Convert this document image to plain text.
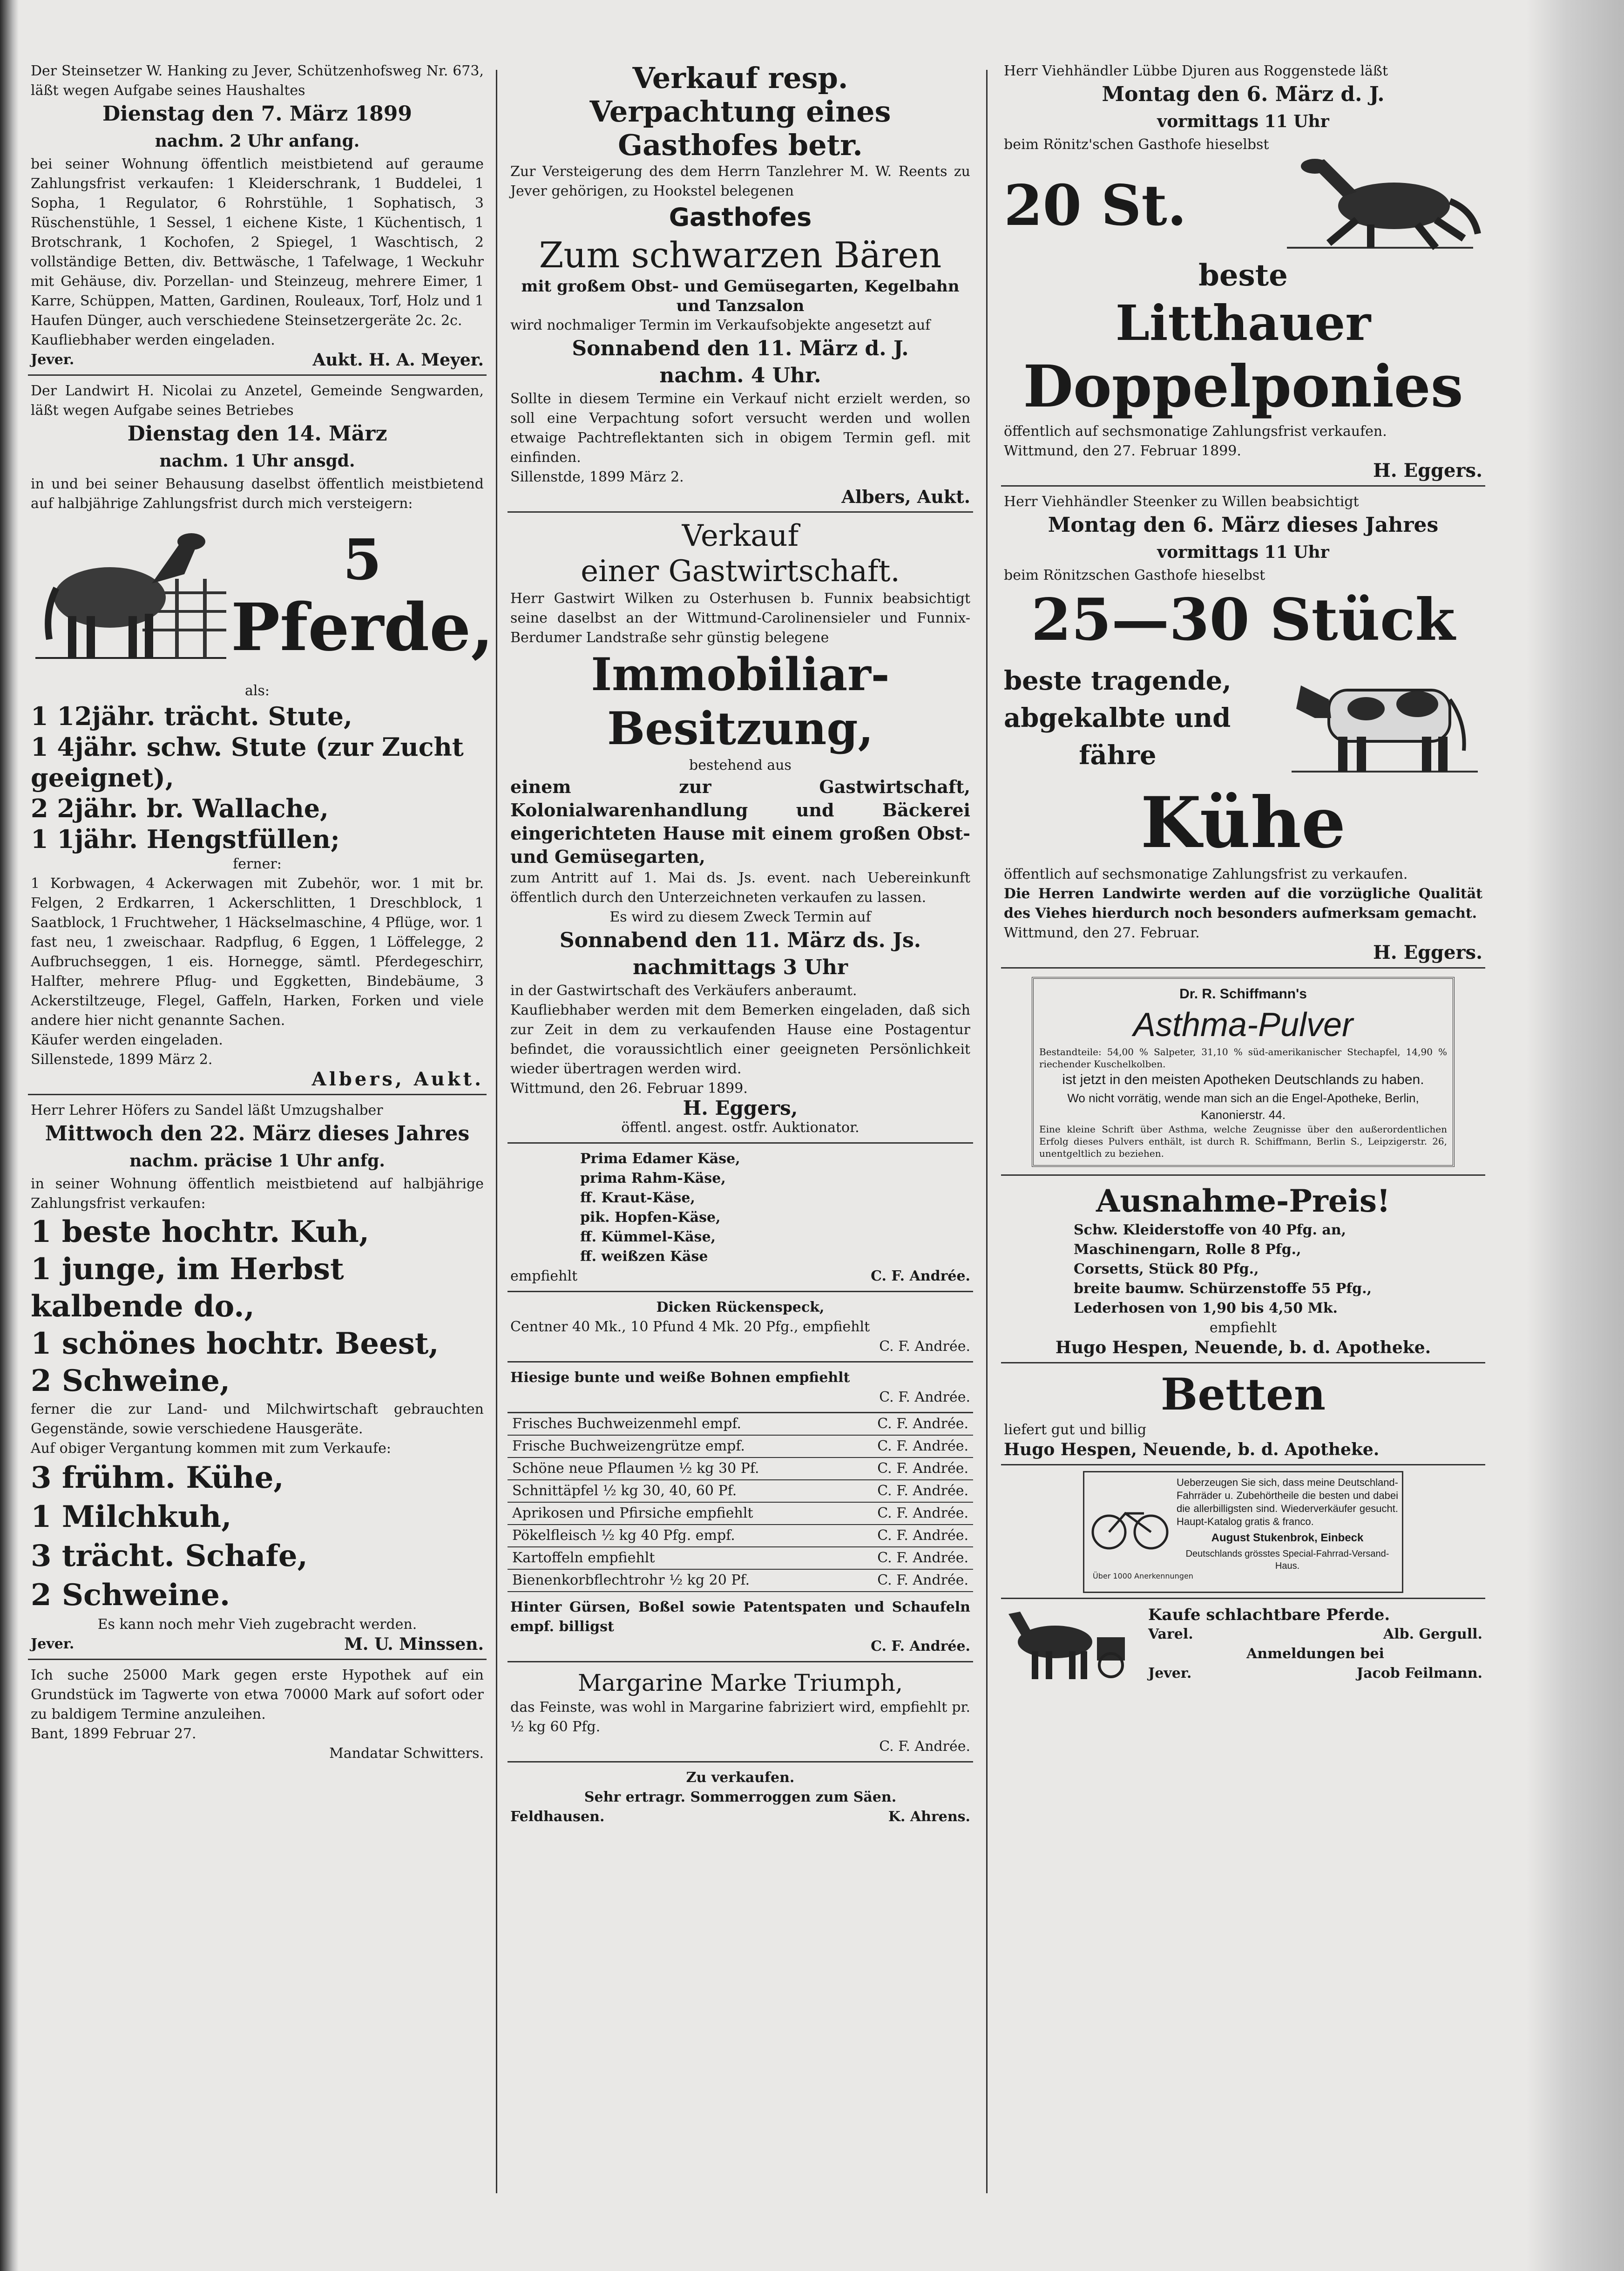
Der Steinsetzer W. Hanking zu Jever, Schützenhofsweg Nr. 673, läßt wegen Aufgabe seines Haushaltes

Dienstag den 7. März 1899

nachm. 2 Uhr anfang.

bei seiner Wohnung öffentlich meistbietend auf geraume Zahlungsfrist verkaufen: 1 Kleiderschrank, 1 Buddelei, 1 Sopha, 1 Regulator, 6 Rohrstühle, 1 Sophatisch, 3 Rüschenstühle, 1 Sessel, 1 eichene Kiste, 1 Küchentisch, 1 Brotschrank, 1 Kochofen, 2 Spiegel, 1 Waschtisch, 2 vollständige Betten, div. Bettwäsche, 1 Tafelwage, 1 Weckuhr mit Gehäuse, div. Porzellan- und Steinzeug, mehrere Eimer, 1 Karre, Schüppen, Matten, Gardinen, Rouleaux, Torf, Holz und 1 Haufen Dünger, auch verschiedene Steinsetzergeräte 2c. 2c.

Kaufliebhaber werden eingeladen.

Jever.	Aukt. H. A. Meyer.

Der Landwirt H. Nicolai zu Anzetel, Gemeinde Sengwarden, läßt wegen Aufgabe seines Betriebes

Dienstag den 14. März

nachm. 1 Uhr ansgd.

in und bei seiner Behausung daselbst öffentlich meistbietend auf halbjährige Zahlungsfrist durch mich versteigern:

5
Pferde,

als:

1 12jähr. trächt. Stute,
1 4jähr. schw. Stute (zur Zucht geeignet),
2 2jähr. br. Wallache,
1 1jähr. Hengstfüllen;

ferner:

1 Korbwagen, 4 Ackerwagen mit Zubehör, wor. 1 mit br. Felgen, 2 Erdkarren, 1 Ackerschlitten, 1 Dreschblock, 1 Saatblock, 1 Fruchtweher, 1 Häckselmaschine, 4 Pflüge, wor. 1 fast neu, 1 zweischaar. Radpflug, 6 Eggen, 1 Löffelegge, 2 Aufbruchseggen, 1 eis. Hornegge, sämtl. Pferdegeschirr, Halfter, mehrere Pflug- und Eggketten, Bindebäume, 3 Ackerstiltzeuge, Flegel, Gaffeln, Harken, Forken und viele andere hier nicht genannte Sachen.

Käufer werden eingeladen.

Sillenstede, 1899 März 2.

Albers, Aukt.

Herr Lehrer Höfers zu Sandel läßt Umzugshalber

Mittwoch den 22. März dieses Jahres

nachm. präcise 1 Uhr anfg.

in seiner Wohnung öffentlich meistbietend auf halbjährige Zahlungsfrist verkaufen:

1 beste hochtr. Kuh,
1 junge, im Herbst kalbende do.,
1 schönes hochtr. Beest,
2 Schweine,

ferner die zur Land- und Milchwirtschaft gebrauchten Gegenstände, sowie verschiedene Hausgeräte.

Auf obiger Vergantung kommen mit zum Verkaufe:

3 frühm. Kühe,
1 Milchkuh,
3 trächt. Schafe,
2 Schweine.

Es kann noch mehr Vieh zugebracht werden.

Jever.	M. U. Minssen.

Ich suche 25000 Mark gegen erste Hypothek auf ein Grundstück im Tagwerte von etwa 70000 Mark auf sofort oder zu baldigem Termine anzuleihen.

Bant, 1899 Februar 27.

Mandatar Schwitters.

Verkauf resp.

Verpachtung eines

Gasthofes betr.

Zur Versteigerung des dem Herrn Tanzlehrer M. W. Reents zu Jever gehörigen, zu Hookstel belegenen

Gasthofes

Zum schwarzen Bären

mit großem Obst- und Gemüsegarten, Kegelbahn und Tanzsalon

wird nochmaliger Termin im Verkaufsobjekte angesetzt auf

Sonnabend den 11. März d. J.

nachm. 4 Uhr.

Sollte in diesem Termine ein Verkauf nicht erzielt werden, so soll eine Verpachtung sofort versucht werden und wollen etwaige Pachtreflektanten sich in obigem Termin gefl. mit einfinden.

Sillenstde, 1899 März 2.

Albers, Aukt.

Verkauf

einer Gastwirtschaft.

Herr Gastwirt Wilken zu Osterhusen b. Funnix beabsichtigt seine daselbst an der Wittmund-Carolinensieler und Funnix-Berdumer Landstraße sehr günstig belegene

Immobiliar-

Besitzung,

bestehend aus

einem zur Gastwirtschaft, Kolonialwarenhandlung und Bäckerei eingerichteten Hause mit einem großen Obst- und Gemüsegarten,

zum Antritt auf 1. Mai ds. Js. event. nach Uebereinkunft öffentlich durch den Unterzeichneten verkaufen zu lassen.

Es wird zu diesem Zweck Termin auf

Sonnabend den 11. März ds. Js.

nachmittags 3 Uhr

in der Gastwirtschaft des Verkäufers anberaumt.

Kaufliebhaber werden mit dem Bemerken eingeladen, daß sich zur Zeit in dem zu verkaufenden Hause eine Postagentur befindet, die voraussichtlich einer geeigneten Persönlichkeit wieder übertragen werden wird.

Wittmund, den 26. Februar 1899.

H. Eggers,

öffentl. angest. ostfr. Auktionator.

Prima Edamer Käse,

prima Rahm-Käse,

ff. Kraut-Käse,

pik. Hopfen-Käse,

ff. Kümmel-Käse,

ff. weißzen Käse

empfiehlt	C. F. Andrée.

Dicken Rückenspeck,

Centner 40 Mk., 10 Pfund 4 Mk. 20 Pfg., empfiehlt

C. F. Andrée.

Hiesige bunte und weiße Bohnen empfiehlt

C. F. Andrée.

Frisches Buchweizenmehl empf.	C. F. Andrée.
Frische Buchweizengrütze empf.	C. F. Andrée.
Schöne neue Pflaumen ½ kg 30 Pf.	C. F. Andrée.
Schnittäpfel ½ kg 30, 40, 60 Pf.	C. F. Andrée.
Aprikosen und Pfirsiche empfiehlt	C. F. Andrée.
Pökelfleisch ½ kg 40 Pfg. empf.	C. F. Andrée.
Kartoffeln empfiehlt	C. F. Andrée.
Bienenkorbflechtrohr ½ kg 20 Pf.	C. F. Andrée.

Hinter Gürsen, Boßel sowie Patentspaten und Schaufeln empf. billigst

C. F. Andrée.

Margarine Marke Triumph,

das Feinste, was wohl in Margarine fabriziert wird, empfiehlt pr. ½ kg 60 Pfg.

C. F. Andrée.

Zu verkaufen.

Sehr ertragr. Sommerroggen zum Säen.

Feldhausen.	K. Ahrens.

Herr Viehhändler Lübbe Djuren aus Roggenstede läßt

Montag den 6. März d. J.

vormittags 11 Uhr

beim Rönitz'schen Gasthofe hieselbst

20 St.

beste

Litthauer

Doppelponies

öffentlich auf sechsmonatige Zahlungsfrist verkaufen.

Wittmund, den 27. Februar 1899.

H. Eggers.

Herr Viehhändler Steenker zu Willen beabsichtigt

Montag den 6. März dieses Jahres

vormittags 11 Uhr

beim Rönitzschen Gasthofe hieselbst

25—30 Stück

beste tragende,

abgekalbte und

fähre

Kühe

öffentlich auf sechsmonatige Zahlungsfrist zu verkaufen.

Die Herren Landwirte werden auf die vorzügliche Qualität des Viehes hierdurch noch besonders aufmerksam gemacht.

Wittmund, den 27. Februar.

H. Eggers.

Dr. R. Schiffmann's

Asthma-Pulver

Bestandteile: 54,00 % Salpeter, 31,10 % süd-amerikanischer Stechapfel, 14,90 % riechender Kuschelkolben.

ist jetzt in den meisten Apotheken Deutschlands zu haben.

Wo nicht vorrätig, wende man sich an die Engel-Apotheke, Berlin, Kanonierstr. 44.

Eine kleine Schrift über Asthma, welche Zeugnisse über den außerordentlichen Erfolg dieses Pulvers enthält, ist durch R. Schiffmann, Berlin S., Leipzigerstr. 26, unentgeltlich zu beziehen.

Ausnahme-Preis!

Schw. Kleiderstoffe von 40 Pfg. an,

Maschinengarn, Rolle 8 Pfg.,

Corsetts, Stück 80 Pfg.,

breite baumw. Schürzenstoffe 55 Pfg.,

Lederhosen von 1,90 bis 4,50 Mk.

empfiehlt

Hugo Hespen, Neuende, b. d. Apotheke.

Betten

liefert gut und billig

Hugo Hespen, Neuende, b. d. Apotheke.

Über 1000 Anerkennungen

Ueberzeugen Sie sich, dass meine Deutschland-Fahrräder u. Zubehörtheile die besten und dabei die allerbilligsten sind. Wiederverkäufer gesucht. Haupt-Katalog gratis & franco.

August Stukenbrok, Einbeck

Deutschlands grösstes Special-Fahrrad-Versand-Haus.

Kaufe schlachtbare Pferde.

Varel.	Alb. Gergull.

Anmeldungen bei

Jever.	Jacob Feilmann.
